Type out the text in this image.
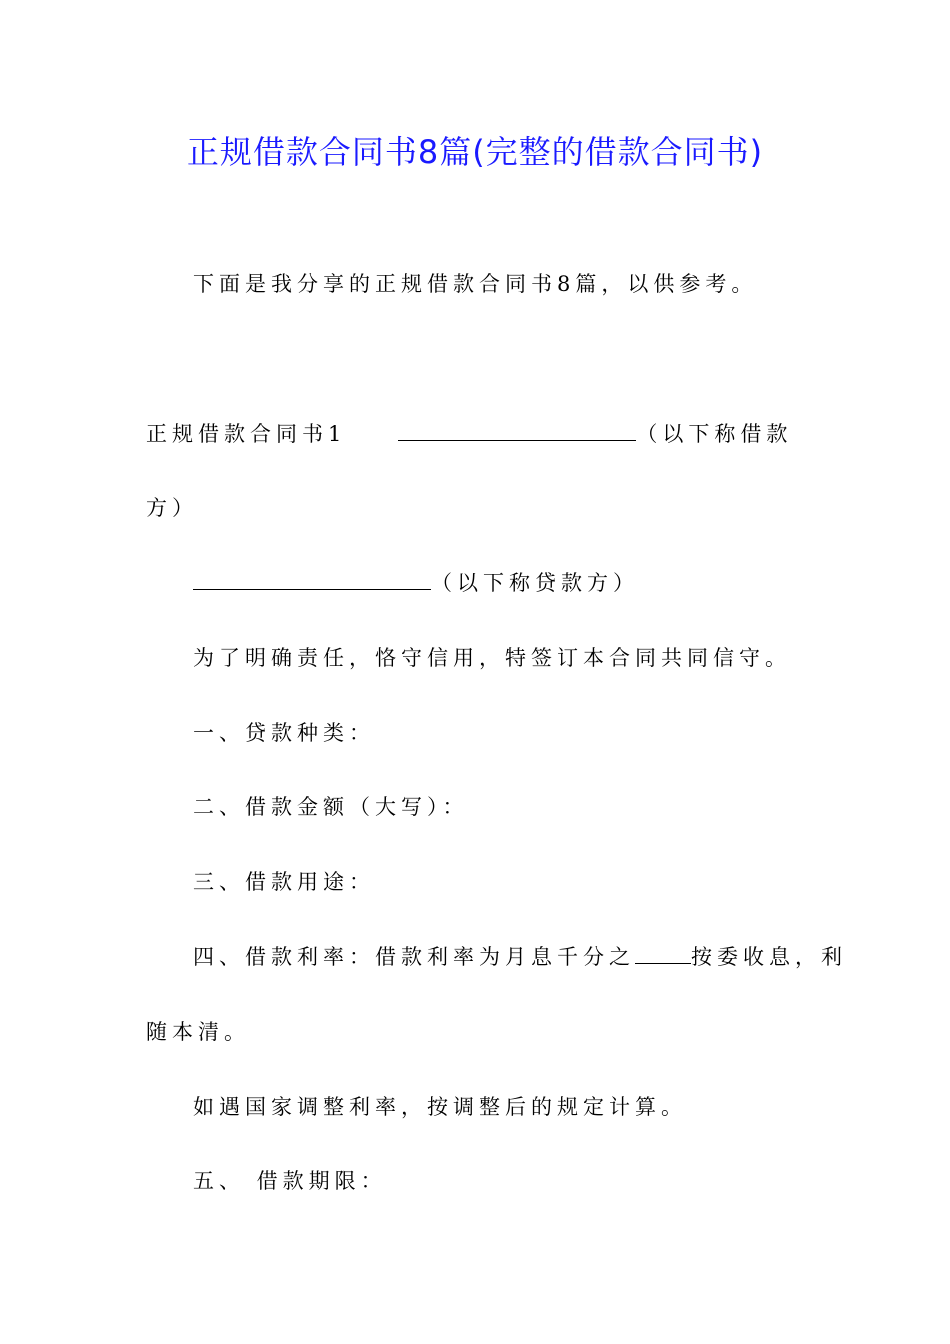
正规借款合同书8篇(完整的借款合同书)
下面是我分享的正规借款合同书8篇，以供参考。
正规借款合同书1	（以下称借款
方）
（以下称贷款方）
为了明确责任，恪守信用，特签订本合同共同信守。
一、贷款种类：
二、借款金额（大写）：
三、借款用途：
四、借款利率：借款利率为月息千分之	按委收息，利
随本清。
如遇国家调整利率，按调整后的规定计算。
五、 借款期限：
